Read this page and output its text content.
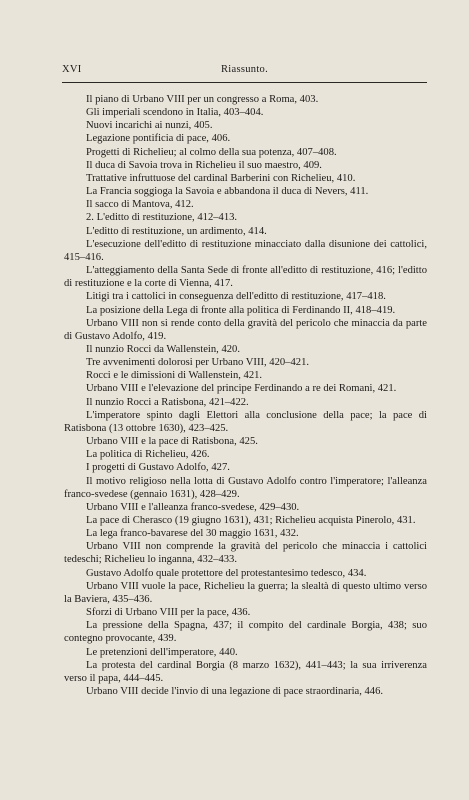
XVI	Riassunto.

Il piano di Urbano VIII per un congresso a Roma, 403.

Gli imperiali scendono in Italia, 403–404.

Nuovi incarichi ai nunzi, 405.

Legazione pontificia di pace, 406.

Progetti di Richelieu; al colmo della sua potenza, 407–408.

Il duca di Savoia trova in Richelieu il suo maestro, 409.

Trattative infruttuose del cardinal Barberini con Richelieu, 410.

La Francia soggioga la Savoia e abbandona il duca di Nevers, 411.

Il sacco di Mantova, 412.

2. L'editto di restituzione, 412–413.

L'editto di restituzione, un ardimento, 414.

L'esecuzione dell'editto di restituzione minacciato dalla disunione dei cattolici, 415–416.

L'atteggiamento della Santa Sede di fronte all'editto di restituzione, 416; l'editto di restituzione e la corte di Vienna, 417.

Litigi tra i cattolici in conseguenza dell'editto di restituzione, 417–418.

La posizione della Lega di fronte alla politica di Ferdinando II, 418–419.

Urbano VIII non si rende conto della gravità del pericolo che minaccia da parte di Gustavo Adolfo, 419.

Il nunzio Rocci da Wallenstein, 420.

Tre avvenimenti dolorosi per Urbano VIII, 420–421.

Rocci e le dimissioni di Wallenstein, 421.

Urbano VIII e l'elevazione del principe Ferdinando a re dei Romani, 421.

Il nunzio Rocci a Ratisbona, 421–422.

L'imperatore spinto dagli Elettori alla conclusione della pace; la pace di Ratisbona (13 ottobre 1630), 423–425.

Urbano VIII e la pace di Ratisbona, 425.

La politica di Richelieu, 426.

I progetti di Gustavo Adolfo, 427.

Il motivo religioso nella lotta di Gustavo Adolfo contro l'imperatore; l'alleanza franco-svedese (gennaio 1631), 428–429.

Urbano VIII e l'alleanza franco-svedese, 429–430.

La pace di Cherasco (19 giugno 1631), 431; Richelieu acquista Pinerolo, 431.

La lega franco-bavarese del 30 maggio 1631, 432.

Urbano VIII non comprende la gravità del pericolo che minaccia i cattolici tedeschi; Richelieu lo inganna, 432–433.

Gustavo Adolfo quale protettore del protestantesimo tedesco, 434.

Urbano VIII vuole la pace, Richelieu la guerra; la slealtà di questo ultimo verso la Baviera, 435–436.

Sforzi di Urbano VIII per la pace, 436.

La pressione della Spagna, 437; il compito del cardinale Borgia, 438; suo contegno provocante, 439.

Le pretenzioni dell'imperatore, 440.

La protesta del cardinal Borgia (8 marzo 1632), 441–443; la sua irriverenza verso il papa, 444–445.

Urbano VIII decide l'invio di una legazione di pace straordinaria, 446.
